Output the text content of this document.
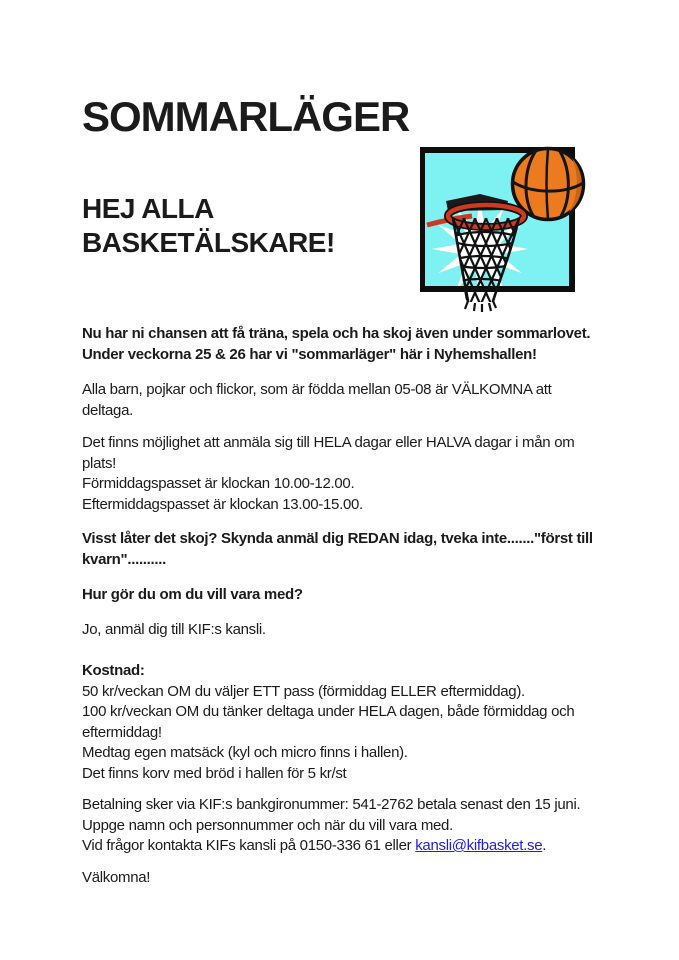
SOMMARLÄGER
HEJ ALLA
BASKETÄLSKARE!
Nu har ni chansen att få träna, spela och ha skoj även under sommarlovet.
Under veckorna 25 & 26 har vi "sommarläger" här i Nyhemshallen!
Alla barn, pojkar och flickor, som är födda mellan 05-08 är VÄLKOMNA att
deltaga.
Det finns möjlighet att anmäla sig till HELA dagar eller HALVA dagar i mån om
plats!
Förmiddagspasset är klockan 10.00-12.00.
Eftermiddagspasset är klockan 13.00-15.00.
Visst låter det skoj? Skynda anmäl dig REDAN idag, tveka inte......."först till
kvarn"..........
Hur gör du om du vill vara med?
Jo, anmäl dig till KIF:s kansli.
Kostnad:
50 kr/veckan OM du väljer ETT pass (förmiddag ELLER eftermiddag).
100 kr/veckan OM du tänker deltaga under HELA dagen, både förmiddag och
eftermiddag!
Medtag egen matsäck (kyl och micro finns i hallen).
Det finns korv med bröd i hallen för 5 kr/st
Betalning sker via KIF:s bankgironummer: 541-2762 betala senast den 15 juni.
Uppge namn och personnummer och när du vill vara med.
Vid frågor kontakta KIFs kansli på 0150-336 61 eller kansli@kifbasket.se.
Välkomna!
